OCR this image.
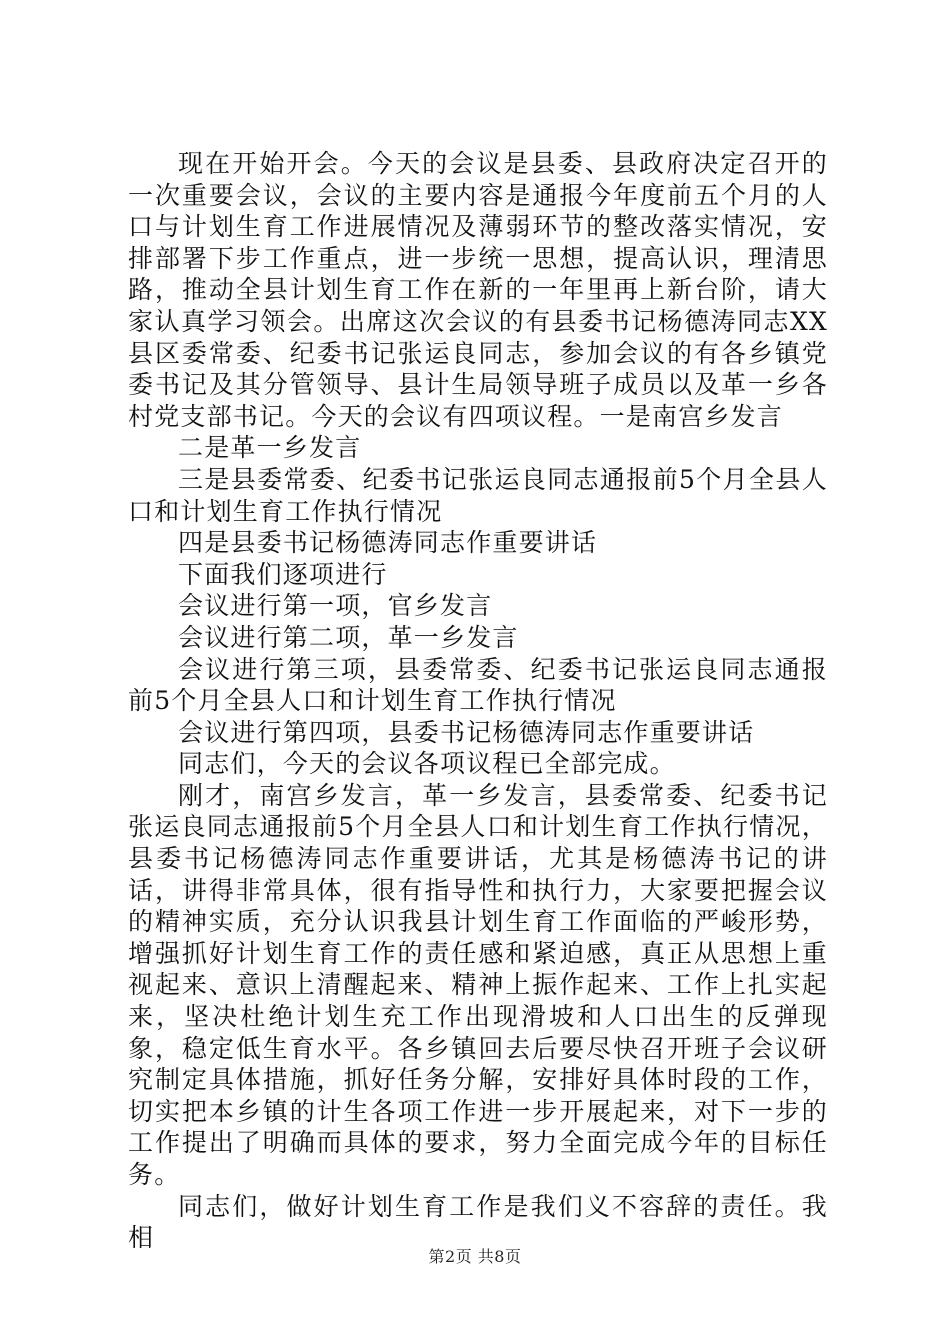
现在开始开会。今天的会议是县委、县政府决定召开的一次重要会议，会议的主要内容是通报今年度前五个月的人口与计划生育工作进展情况及薄弱环节的整改落实情况，安排部署下步工作重点，进一步统一思想，提高认识，理清思路，推动全县计划生育工作在新的一年里再上新台阶，请大家认真学习领会。出席这次会议的有县委书记杨德涛同志XX县区委常委、纪委书记张运良同志，参加会议的有各乡镇党委书记及其分管领导、县计生局领导班子成员以及革一乡各村党支部书记。今天的会议有四项议程。一是南宫乡发言

二是革一乡发言

三是县委常委、纪委书记张运良同志通报前5个月全县人口和计划生育工作执行情况

四是县委书记杨德涛同志作重要讲话

下面我们逐项进行

会议进行第一项，官乡发言

会议进行第二项，革一乡发言

会议进行第三项，县委常委、纪委书记张运良同志通报前5个月全县人口和计划生育工作执行情况

会议进行第四项，县委书记杨德涛同志作重要讲话

同志们，今天的会议各项议程已全部完成。

刚才，南宫乡发言，革一乡发言，县委常委、纪委书记张运良同志通报前5个月全县人口和计划生育工作执行情况，县委书记杨德涛同志作重要讲话，尤其是杨德涛书记的讲话，讲得非常具体，很有指导性和执行力，大家要把握会议的精神实质，充分认识我县计划生育工作面临的严峻形势，增强抓好计划生育工作的责任感和紧迫感，真正从思想上重视起来、意识上清醒起来、精神上振作起来、工作上扎实起来，坚决杜绝计划生充工作出现滑坡和人口出生的反弹现象，稳定低生育水平。各乡镇回去后要尽快召开班子会议研究制定具体措施，抓好任务分解，安排好具体时段的工作，切实把本乡镇的计生各项工作进一步开展起来，对下一步的工作提出了明确而具体的要求，努力全面完成今年的目标任务。

同志们，做好计划生育工作是我们义不容辞的责任。我相

第2页 共8页
